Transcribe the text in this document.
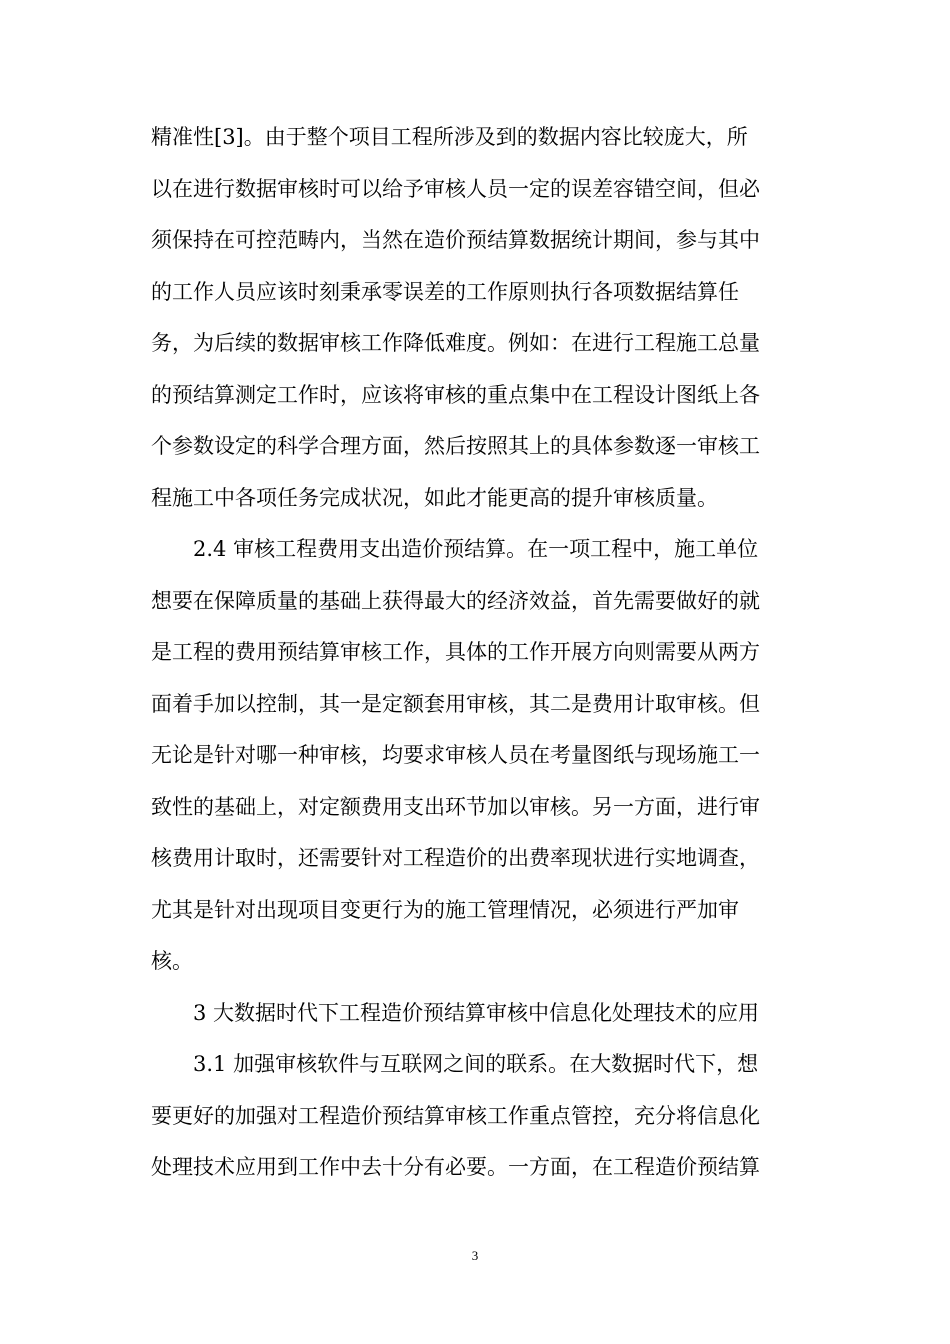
精准性[3]。由于整个项目工程所涉及到的数据内容比较庞大，所
以在进行数据审核时可以给予审核人员一定的误差容错空间，但必
须保持在可控范畴内，当然在造价预结算数据统计期间，参与其中
的工作人员应该时刻秉承零误差的工作原则执行各项数据结算任
务，为后续的数据审核工作降低难度。例如：在进行工程施工总量
的预结算测定工作时，应该将审核的重点集中在工程设计图纸上各
个参数设定的科学合理方面，然后按照其上的具体参数逐一审核工
程施工中各项任务完成状况，如此才能更高的提升审核质量。
2.4 审核工程费用支出造价预结算。在一项工程中，施工单位
想要在保障质量的基础上获得最大的经济效益，首先需要做好的就
是工程的费用预结算审核工作，具体的工作开展方向则需要从两方
面着手加以控制，其一是定额套用审核，其二是费用计取审核。但
无论是针对哪一种审核，均要求审核人员在考量图纸与现场施工一
致性的基础上，对定额费用支出环节加以审核。另一方面，进行审
核费用计取时，还需要针对工程造价的出费率现状进行实地调查，
尤其是针对出现项目变更行为的施工管理情况，必须进行严加审
核。
3 大数据时代下工程造价预结算审核中信息化处理技术的应用
3.1 加强审核软件与互联网之间的联系。在大数据时代下，想
要更好的加强对工程造价预结算审核工作重点管控，充分将信息化
处理技术应用到工作中去十分有必要。一方面，在工程造价预结算
3
